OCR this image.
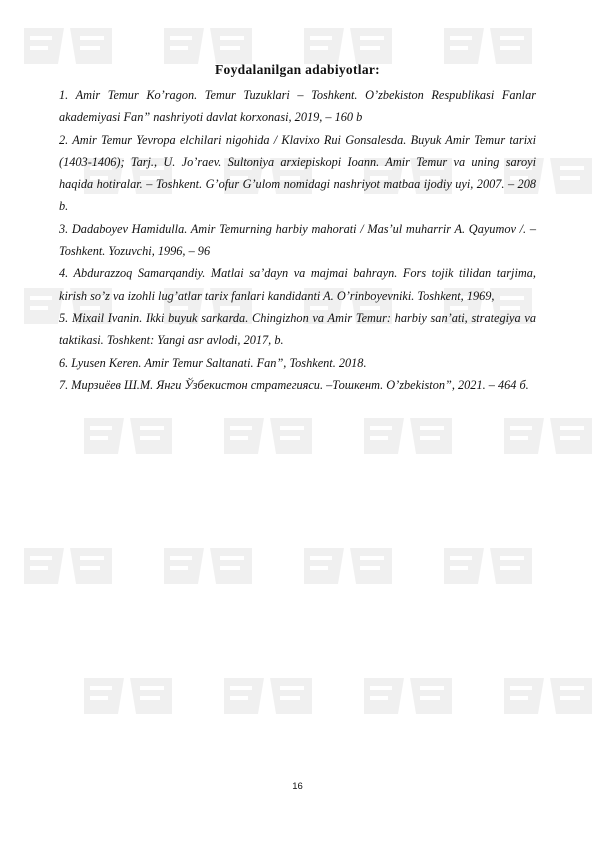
Foydalanilgan adabiyotlar:

1. Amir Temur Ko’ragon. Temur Tuzuklari – Toshkent. O’zbekiston Respublikasi Fanlar akademiyasi Fan” nashriyoti davlat korxonasi, 2019, – 160 b

2. Amir Temur Yevropa elchilari nigohida / Klavixo Rui Gonsalesda. Buyuk Amir Temur tarixi (1403-1406); Tarj., U. Jo’raev. Sultoniya arxiepiskopi Ioann. Amir Temur va uning saroyi haqida hotiralar. – Toshkent. G’ofur G’ulom nomidagi nashriyot matbaa ijodiy uyi, 2007. – 208 b.

3. Dadaboyev Hamidulla. Amir Temurning harbiy mahorati / Mas’ul muharrir A. Qayumov /. – Toshkent. Yozuvchi, 1996, – 96

4. Abdurazzoq Samarqandiy. Matlai sa’dayn va majmai bahrayn. Fors tojik tilidan tarjima, kirish so’z va izohli lug’atlar tarix fanlari kandidanti A. O’rinboyevniki. Toshkent, 1969,

5. Mixail Ivanin. Ikki buyuk sarkarda. Chingizhon va Amir Temur: harbiy san’ati, strategiya va taktikasi. Toshkent: Yangi asr avlodi, 2017, b.

6. Lyusen Keren. Amir Temur Saltanati. Fan”, Toshkent. 2018.

7. Мирзиёев Ш.М. Янги Ўзбекистон стратегияси. –Тошкент. O’zbekiston”, 2021. – 464 б.

16
